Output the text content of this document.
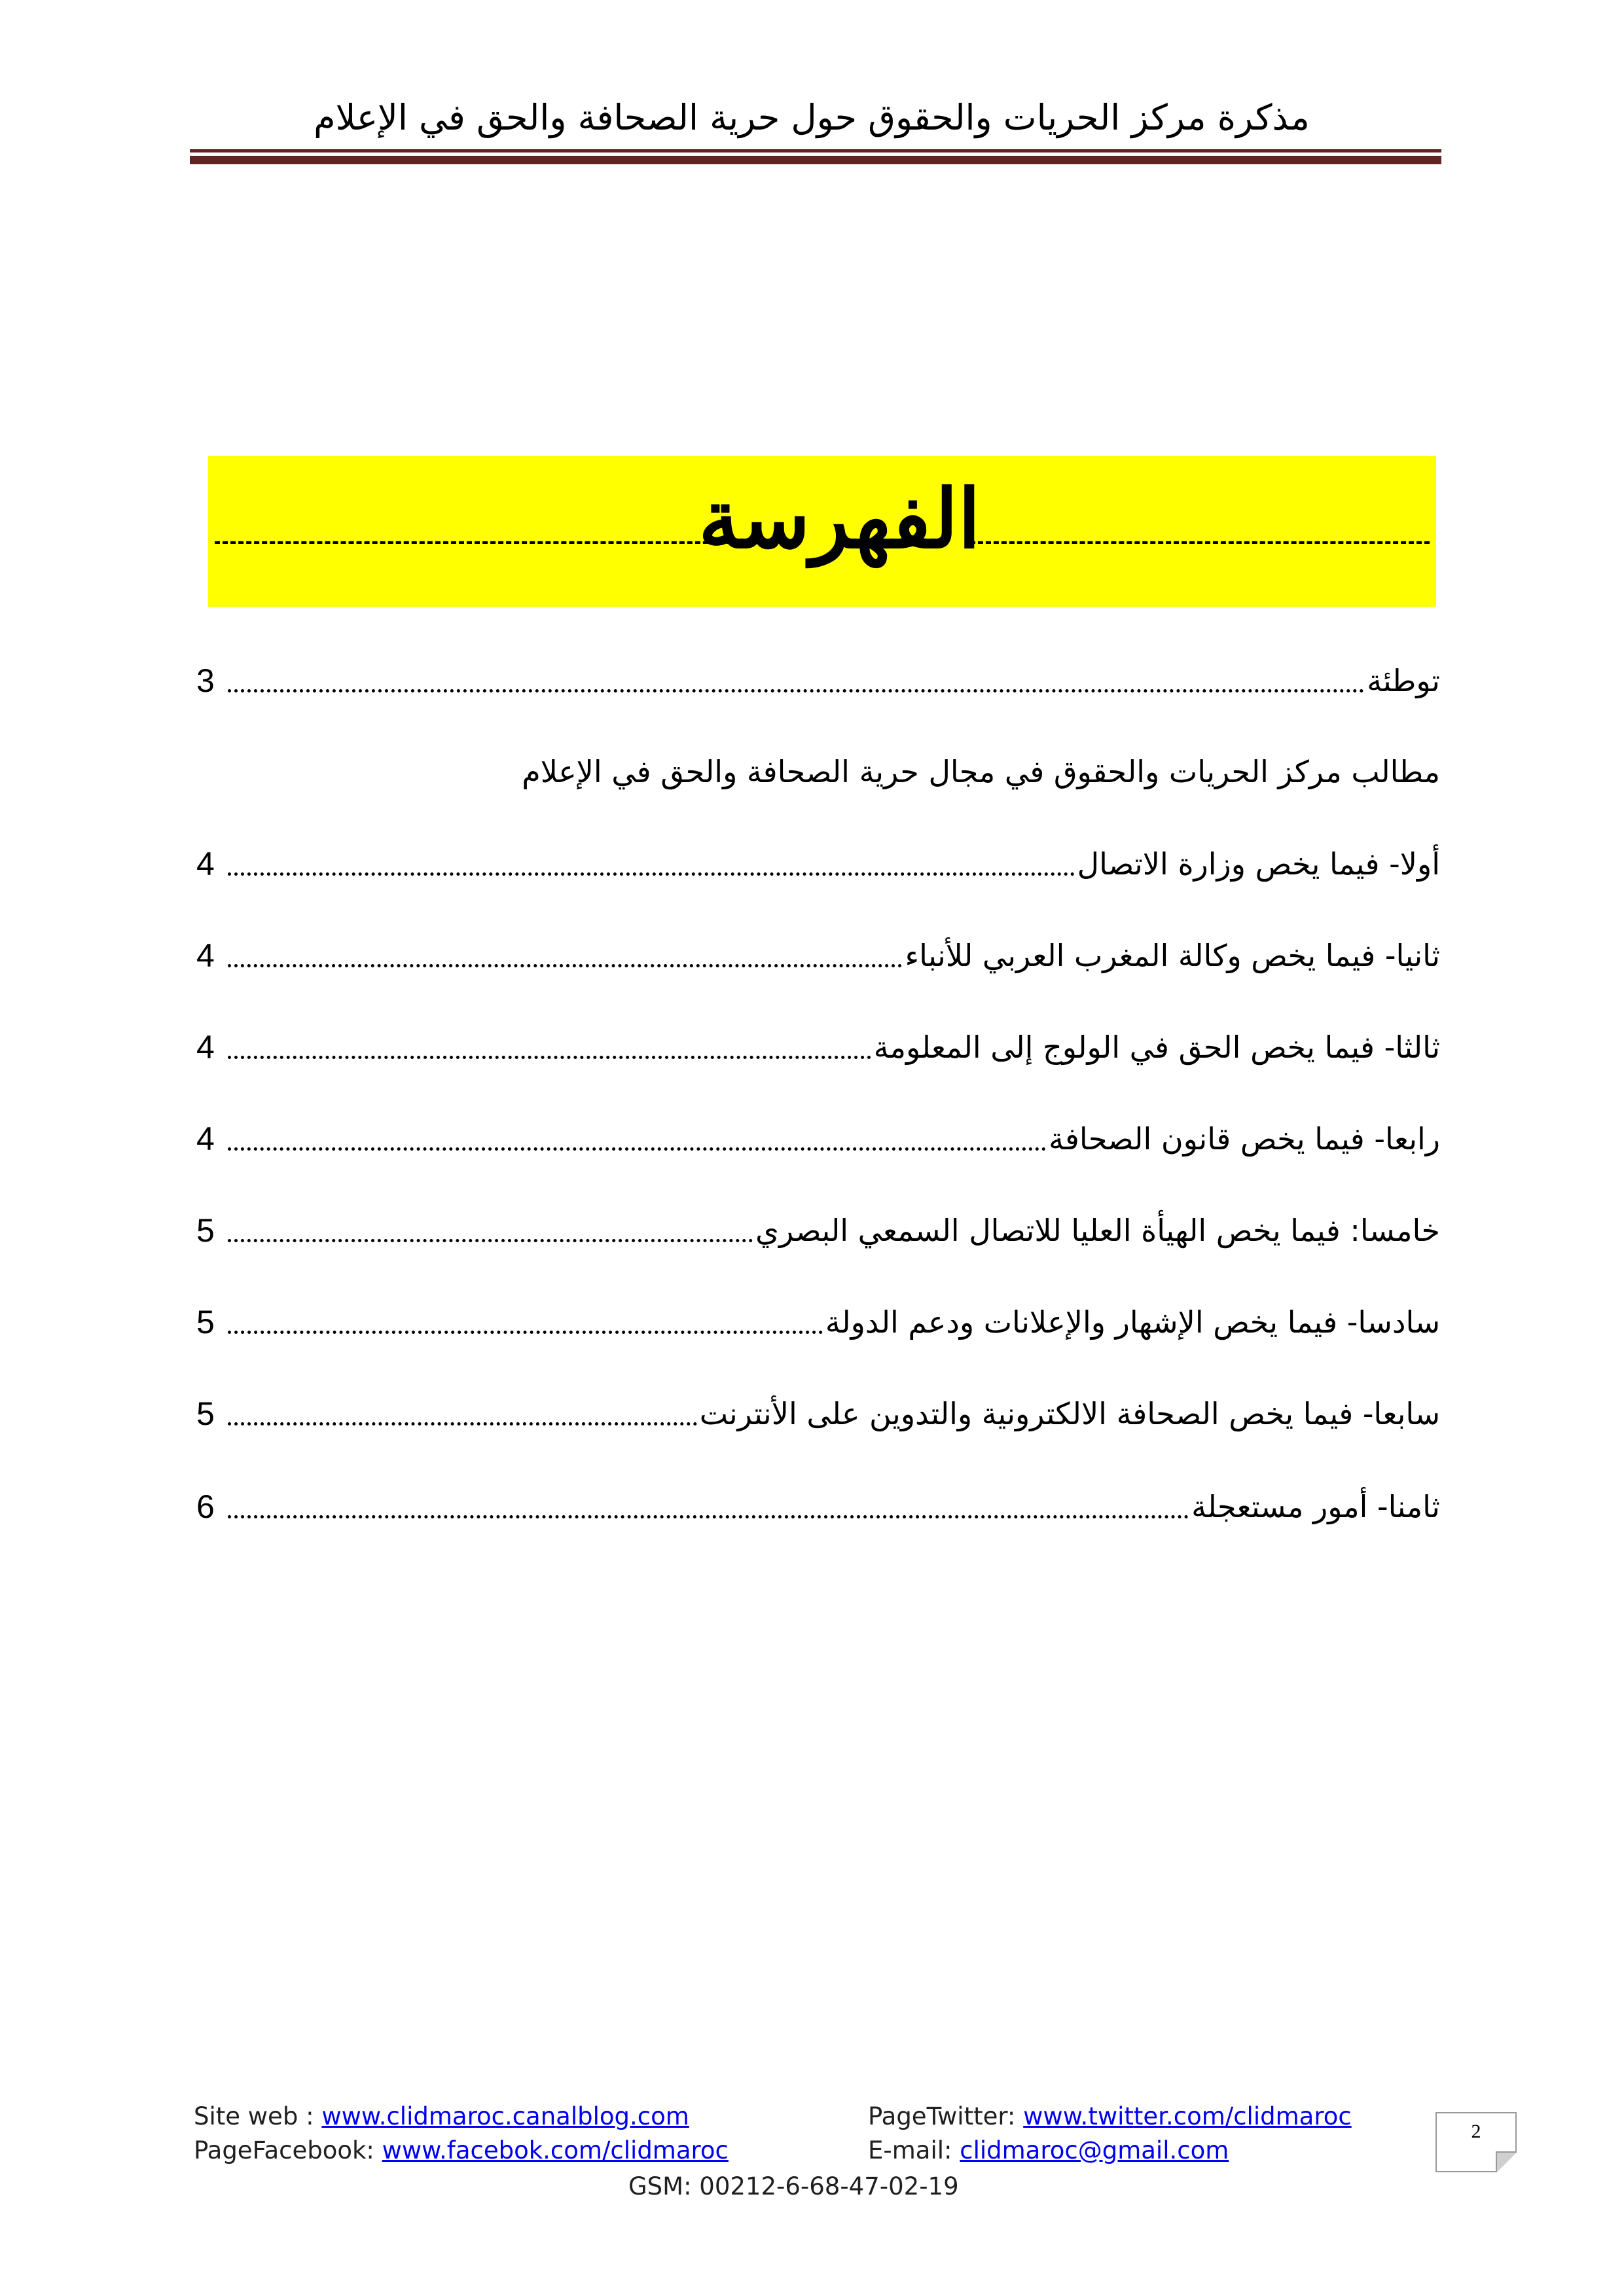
مذكرة مركز الحريات والحقوق حول حرية الصحافة والحق في الإعلام
الفهرسة
توطئة
3
مطالب مركز الحريات والحقوق في مجال حرية الصحافة والحق في الإعلام
أولا- فيما يخص وزارة الاتصال
4
ثانيا- فيما يخص وكالة المغرب العربي للأنباء
4
ثالثا- فيما يخص الحق في الولوج إلى المعلومة
4
رابعا- فيما يخص قانون الصحافة
4
خامسا: فيما يخص الهيأة العليا للاتصال السمعي البصري
5
سادسا- فيما يخص الإشهار والإعلانات ودعم الدولة
5
سابعا- فيما يخص الصحافة الالكترونية والتدوين على الأنترنت
5
ثامنا- أمور مستعجلة
6
Site web : www.clidmaroc.canalblog.com
PageFacebook: www.facebok.com/clidmaroc
PageTwitter: www.twitter.com/clidmaroc
E-mail: clidmaroc@gmail.com
GSM: 00212-6-68-47-02-19
2
